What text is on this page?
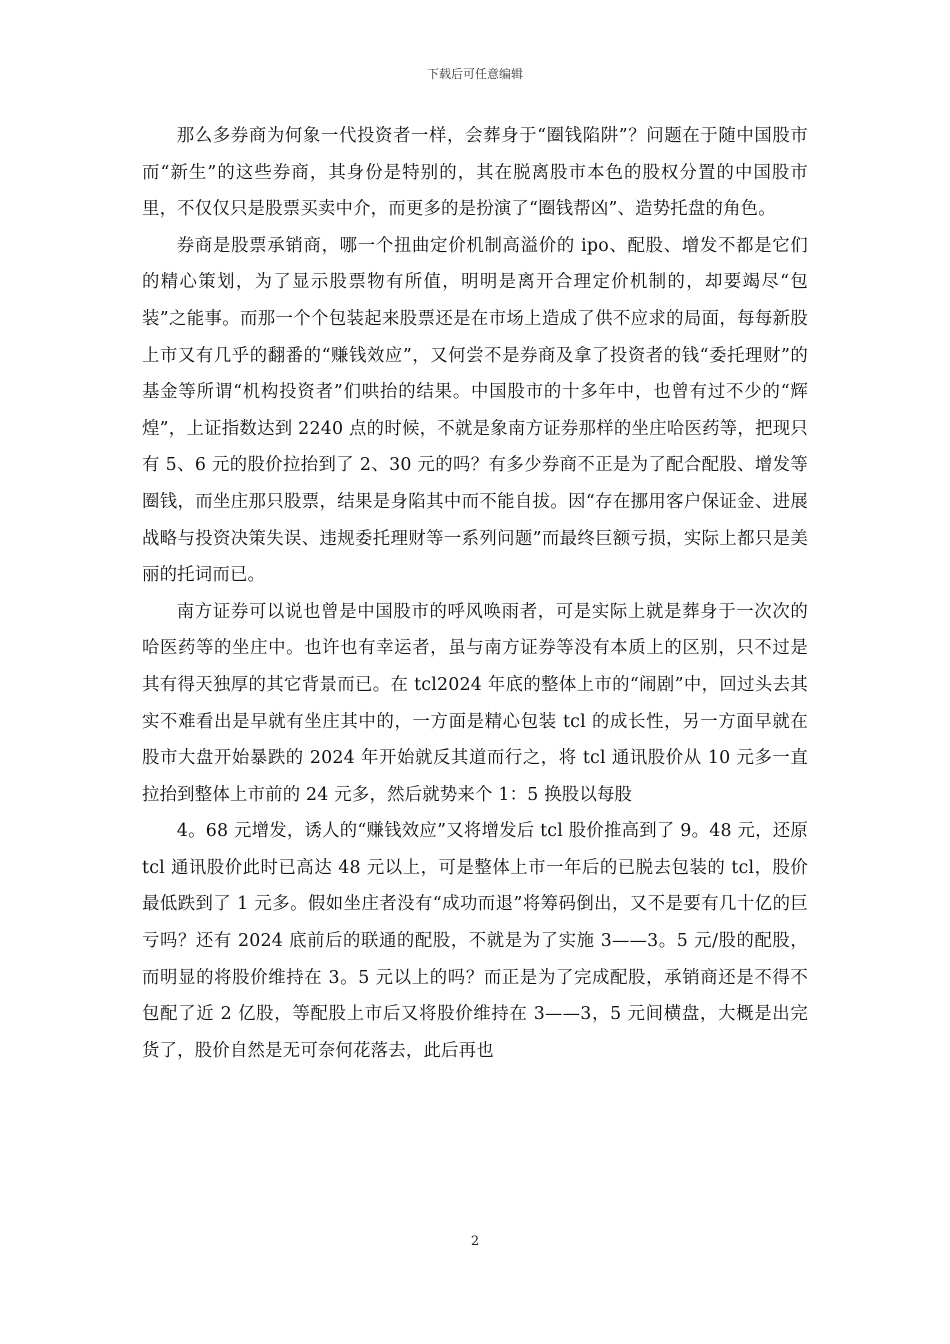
下载后可任意编辑

那么多券商为何象一代投资者一样，会葬身于“圈钱陷阱”？问题在于随中国股市而“新生”的这些券商，其身份是特别的，其在脱离股市本色的股权分置的中国股市里，不仅仅只是股票买卖中介，而更多的是扮演了“圈钱帮凶”、造势托盘的角色。

券商是股票承销商，哪一个扭曲定价机制高溢价的 ipo、配股、增发不都是它们的精心策划，为了显示股票物有所值，明明是离开合理定价机制的，却要竭尽“包装”之能事。而那一个个包装起来股票还是在市场上造成了供不应求的局面，每每新股上市又有几乎的翻番的“赚钱效应”，又何尝不是券商及拿了投资者的钱“委托理财”的基金等所谓“机构投资者”们哄抬的结果。中国股市的十多年中，也曾有过不少的“辉煌”，上证指数达到 2240 点的时候，不就是象南方证券那样的坐庄哈医药等，把现只有 5、6 元的股价拉抬到了 2、30 元的吗？有多少券商不正是为了配合配股、增发等圈钱，而坐庄那只股票，结果是身陷其中而不能自拔。因“存在挪用客户保证金、进展战略与投资决策失误、违规委托理财等一系列问题”而最终巨额亏损，实际上都只是美丽的托词而已。

南方证券可以说也曾是中国股市的呼风唤雨者，可是实际上就是葬身于一次次的哈医药等的坐庄中。也许也有幸运者，虽与南方证券等没有本质上的区别，只不过是其有得天独厚的其它背景而已。在 tcl2024 年底的整体上市的“闹剧”中，回过头去其实不难看出是早就有坐庄其中的，一方面是精心包装 tcl 的成长性，另一方面早就在股市大盘开始暴跌的 2024 年开始就反其道而行之，将 tcl 通讯股价从 10 元多一直拉抬到整体上市前的 24 元多，然后就势来个 1：5 换股以每股

4。68 元增发，诱人的“赚钱效应”又将增发后 tcl 股价推高到了 9。48 元，还原 tcl 通讯股价此时已高达 48 元以上，可是整体上市一年后的已脱去包装的 tcl，股价最低跌到了 1 元多。假如坐庄者没有“成功而退”将筹码倒出，又不是要有几十亿的巨亏吗？还有 2024 底前后的联通的配股，不就是为了实施 3——3。5 元/股的配股，而明显的将股价维持在 3。5 元以上的吗？而正是为了完成配股，承销商还是不得不包配了近 2 亿股，等配股上市后又将股价维持在 3——3，5 元间横盘，大概是出完货了，股价自然是无可奈何花落去，此后再也

2
